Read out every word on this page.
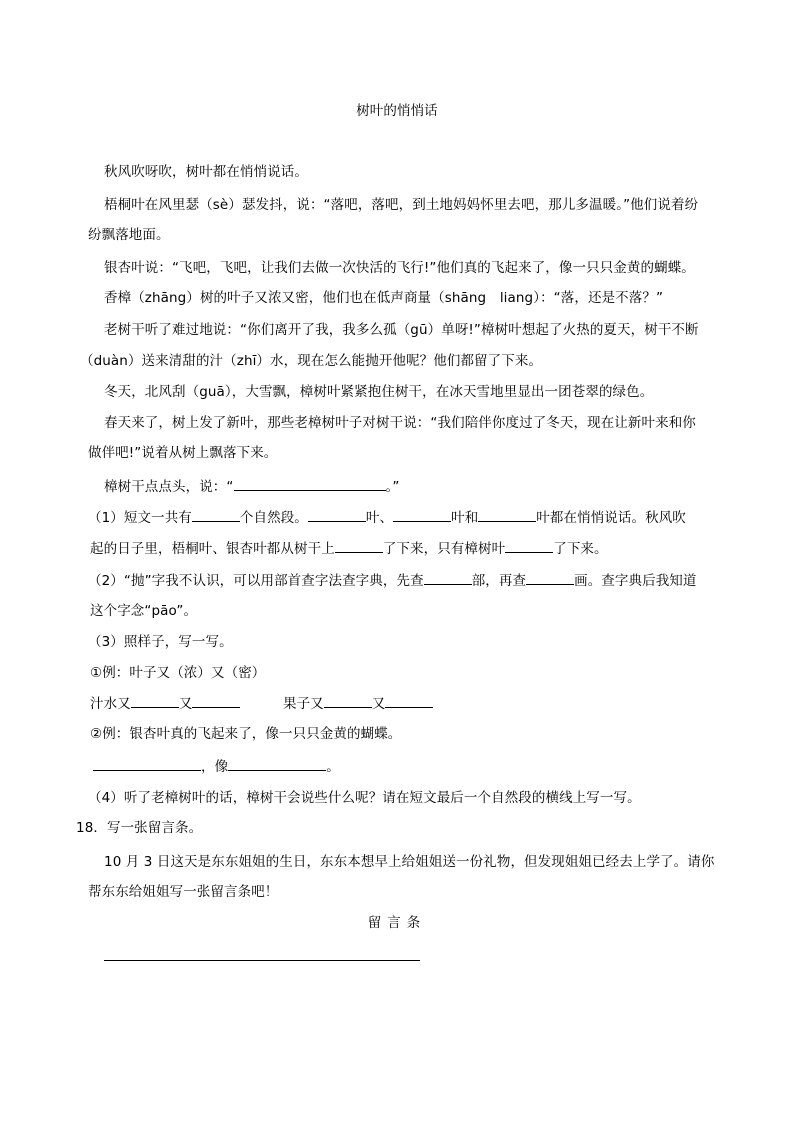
树叶的悄悄话
秋风吹呀吹，树叶都在悄悄说话。
梧桐叶在风里瑟（sè）瑟发抖，说：“落吧，落吧，到土地妈妈怀里去吧，那儿多温暖。”他们说着纷
纷飘落地面。
银杏叶说：“飞吧，飞吧，让我们去做一次快活的飞行!”他们真的飞起来了，像一只只金黄的蝴蝶。
香樟（zhāng）树的叶子又浓又密，他们也在低声商量（shāng　liang）：“落，还是不落？”
老树干听了难过地说：“你们离开了我，我多么孤（gū）单呀!”樟树叶想起了火热的夏天，树干不断
（duàn）送来清甜的汁（zhī）水，现在怎么能抛开他呢？他们都留了下来。
冬天，北风刮（guā），大雪飘，樟树叶紧紧抱住树干，在冰天雪地里显出一团苍翠的绿色。
春天来了，树上发了新叶，那些老樟树叶子对树干说：“我们陪伴你度过了冬天，现在让新叶来和你
做伴吧!”说着从树上飘落下来。
樟树干点点头，说：“	。”
（1）短文一共有	个自然段。	叶、	叶和	叶都在悄悄说话。秋风吹
起的日子里，梧桐叶、银杏叶都从树干上	了下来，只有樟树叶	了下来。
（2）“抛”字我不认识，可以用部首查字法查字典，先查	部，再查	画。查字典后我知道
这个字念“pāo”。
（3）照样子，写一写。
①例：叶子又（浓）又（密）
汁水又	又	果子又	又
②例：银杏叶真的飞起来了，像一只只金黄的蝴蝶。
，像	。
（4）听了老樟树叶的话，樟树干会说些什么呢？请在短文最后一个自然段的横线上写一写。
18．写一张留言条。
10 月 3 日这天是东东姐姐的生日，东东本想早上给姐姐送一份礼物，但发现姐姐已经去上学了。请你
帮东东给姐姐写一张留言条吧！
留言条
